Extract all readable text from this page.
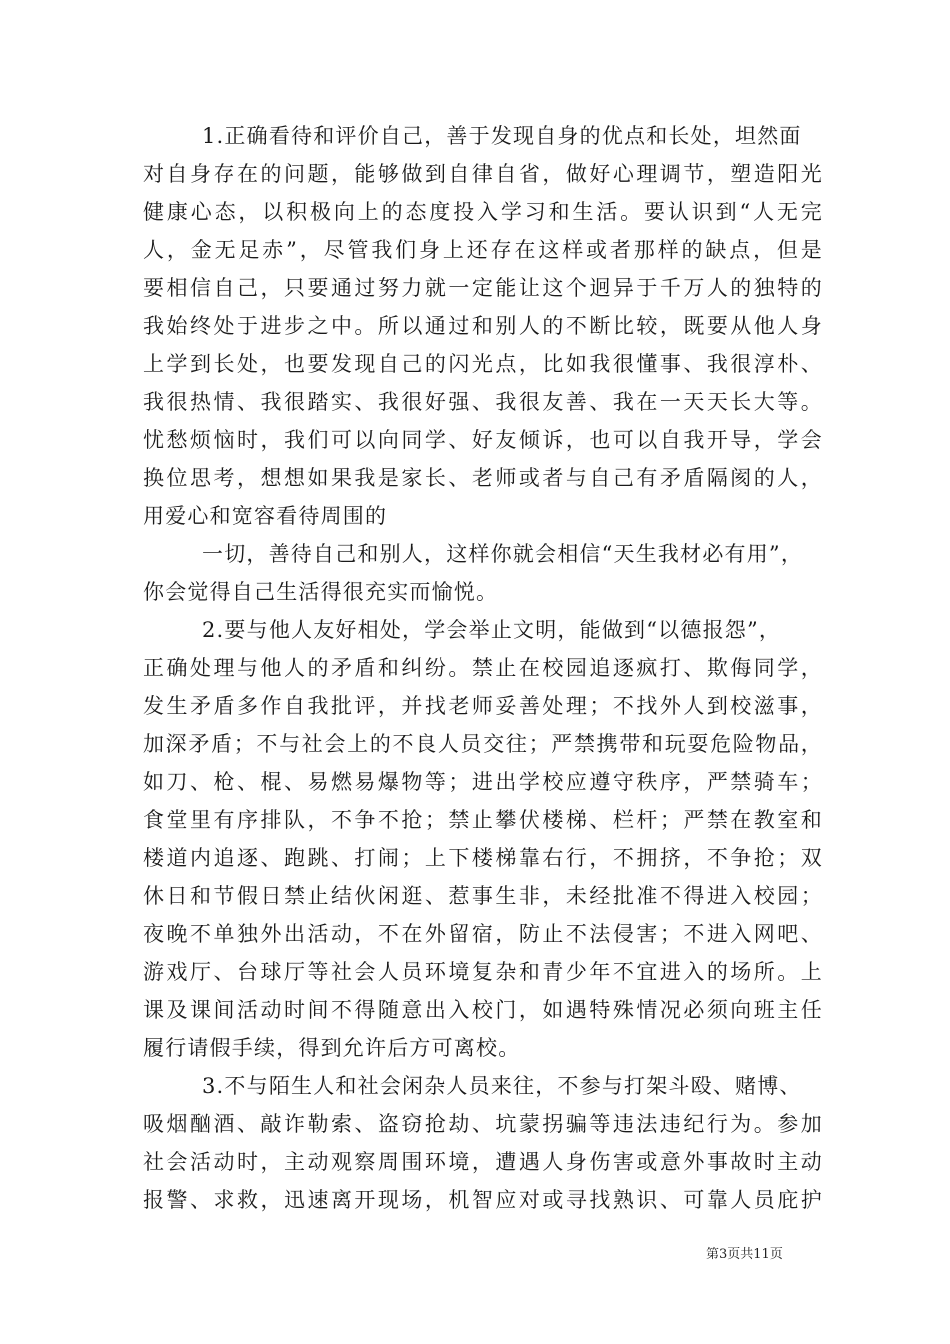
1.正确看待和评价自己，善于发现自身的优点和长处，坦然面
对自身存在的问题，能够做到自律自省，做好心理调节，塑造阳光
健康心态，以积极向上的态度投入学习和生活。要认识到“人无完
人，金无足赤”，尽管我们身上还存在这样或者那样的缺点，但是
要相信自己，只要通过努力就一定能让这个迥异于千万人的独特的
我始终处于进步之中。所以通过和别人的不断比较，既要从他人身
上学到长处，也要发现自己的闪光点，比如我很懂事、我很淳朴、
我很热情、我很踏实、我很好强、我很友善、我在一天天长大等。
忧愁烦恼时，我们可以向同学、好友倾诉，也可以自我开导，学会
换位思考，想想如果我是家长、老师或者与自己有矛盾隔阂的人，
用爱心和宽容看待周围的
一切，善待自己和别人，这样你就会相信“天生我材必有用”，
你会觉得自己生活得很充实而愉悦。
2.要与他人友好相处，学会举止文明，能做到“以德报怨”，
正确处理与他人的矛盾和纠纷。禁止在校园追逐疯打、欺侮同学，
发生矛盾多作自我批评，并找老师妥善处理；不找外人到校滋事，
加深矛盾；不与社会上的不良人员交往；严禁携带和玩耍危险物品，
如刀、枪、棍、易燃易爆物等；进出学校应遵守秩序，严禁骑车；
食堂里有序排队，不争不抢；禁止攀伏楼梯、栏杆；严禁在教室和
楼道内追逐、跑跳、打闹；上下楼梯靠右行，不拥挤，不争抢；双
休日和节假日禁止结伙闲逛、惹事生非，未经批准不得进入校园；
夜晚不单独外出活动，不在外留宿，防止不法侵害；不进入网吧、
游戏厅、台球厅等社会人员环境复杂和青少年不宜进入的场所。上
课及课间活动时间不得随意出入校门，如遇特殊情况必须向班主任
履行请假手续，得到允许后方可离校。
3.不与陌生人和社会闲杂人员来往，不参与打架斗殴、赌博、
吸烟酗酒、敲诈勒索、盗窃抢劫、坑蒙拐骗等违法违纪行为。参加
社会活动时，主动观察周围环境，遭遇人身伤害或意外事故时主动
报警、求救，迅速离开现场，机智应对或寻找熟识、可靠人员庇护
第3页共11页
